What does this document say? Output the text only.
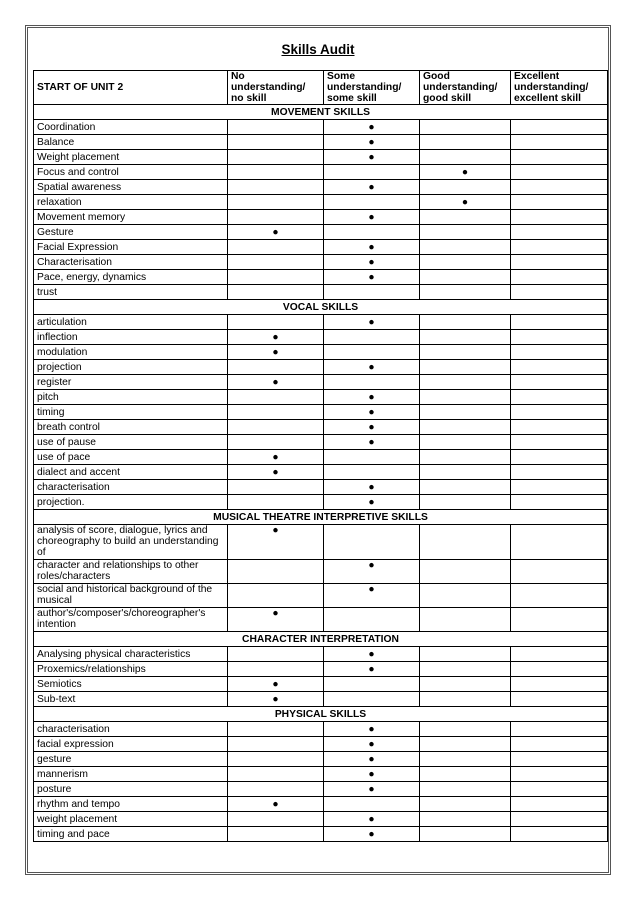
Skills Audit
START OF UNIT 2	No
understanding/
no skill	Some
understanding/
some skill	Good
understanding/
good skill	Excellent
understanding/
excellent skill
MOVEMENT SKILLS				
Coordination		●		
Balance		●		
Weight placement		●		
Focus and control			●	
Spatial awareness		●		
relaxation			●	
Movement memory		●		
Gesture	●			
Facial Expression		●		
Characterisation		●		
Pace, energy, dynamics		●		
trust				
VOCAL SKILLS				
articulation		●		
inflection	●			
modulation	●			
projection		●		
register	●			
pitch		●		
timing		●		
breath control		●		
use of pause		●		
use of pace	●			
dialect and accent	●			
characterisation		●		
projection.		●		
MUSICAL THEATRE INTERPRETIVE SKILLS				
analysis of score, dialogue, lyrics and choreography to build an understanding of	●			
character and relationships to other roles/characters		●		
social and historical background of the musical		●		
author's/composer's/choreographer's intention	●			
CHARACTER INTERPRETATION				
Analysing physical characteristics		●		
Proxemics/relationships		●		
Semiotics	●			
Sub-text	●			
PHYSICAL SKILLS				
characterisation		●		
facial expression		●		
gesture		●		
mannerism		●		
posture		●		
rhythm and tempo	●			
weight placement		●		
timing and pace		●		
